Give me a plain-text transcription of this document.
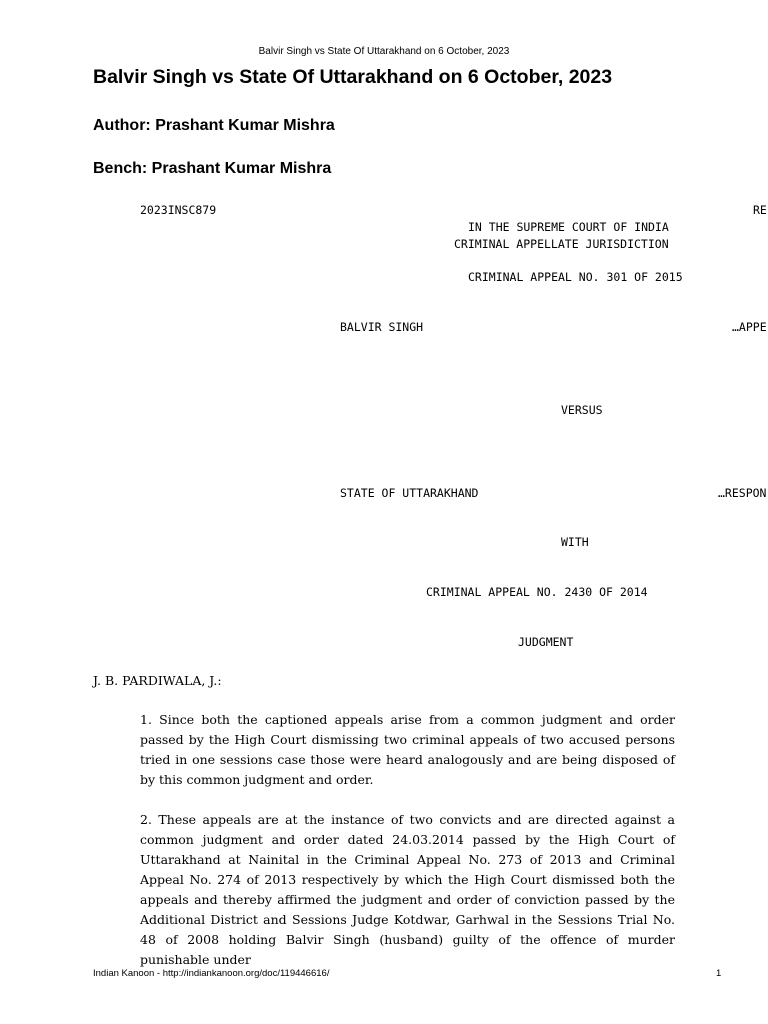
Balvir Singh vs State Of Uttarakhand on 6 October, 2023
Balvir Singh vs State Of Uttarakhand on 6 October, 2023
Author: Prashant Kumar Mishra
Bench: Prashant Kumar Mishra
2023INSC879	RE
IN THE SUPREME COURT OF INDIA
CRIMINAL APPELLATE JURISDICTION
CRIMINAL APPEAL NO. 301 OF 2015
BALVIR SINGH	…APPE
VERSUS
STATE OF UTTARAKHAND	…RESPON
WITH
CRIMINAL APPEAL NO. 2430 OF 2014
JUDGMENT
J. B. PARDIWALA, J.:

1. Since both the captioned appeals arise from a common judgment and order passed by the High Court dismissing two criminal appeals of two accused persons tried in one sessions case those were heard analogously and are being disposed of by this common judgment and order.

2. These appeals are at the instance of two convicts and are directed against a common judgment and order dated 24.03.2014 passed by the High Court of Uttarakhand at Nainital in the Criminal Appeal No. 273 of 2013 and Criminal Appeal No. 274 of 2013 respectively by which the High Court dismissed both the appeals and thereby affirmed the judgment and order of conviction passed by the Additional District and Sessions Judge Kotdwar, Garhwal in the Sessions Trial No. 48 of 2008 holding Balvir Singh (husband) guilty of the offence of murder punishable under

Indian Kanoon - http://indiankanoon.org/doc/119446616/	1
